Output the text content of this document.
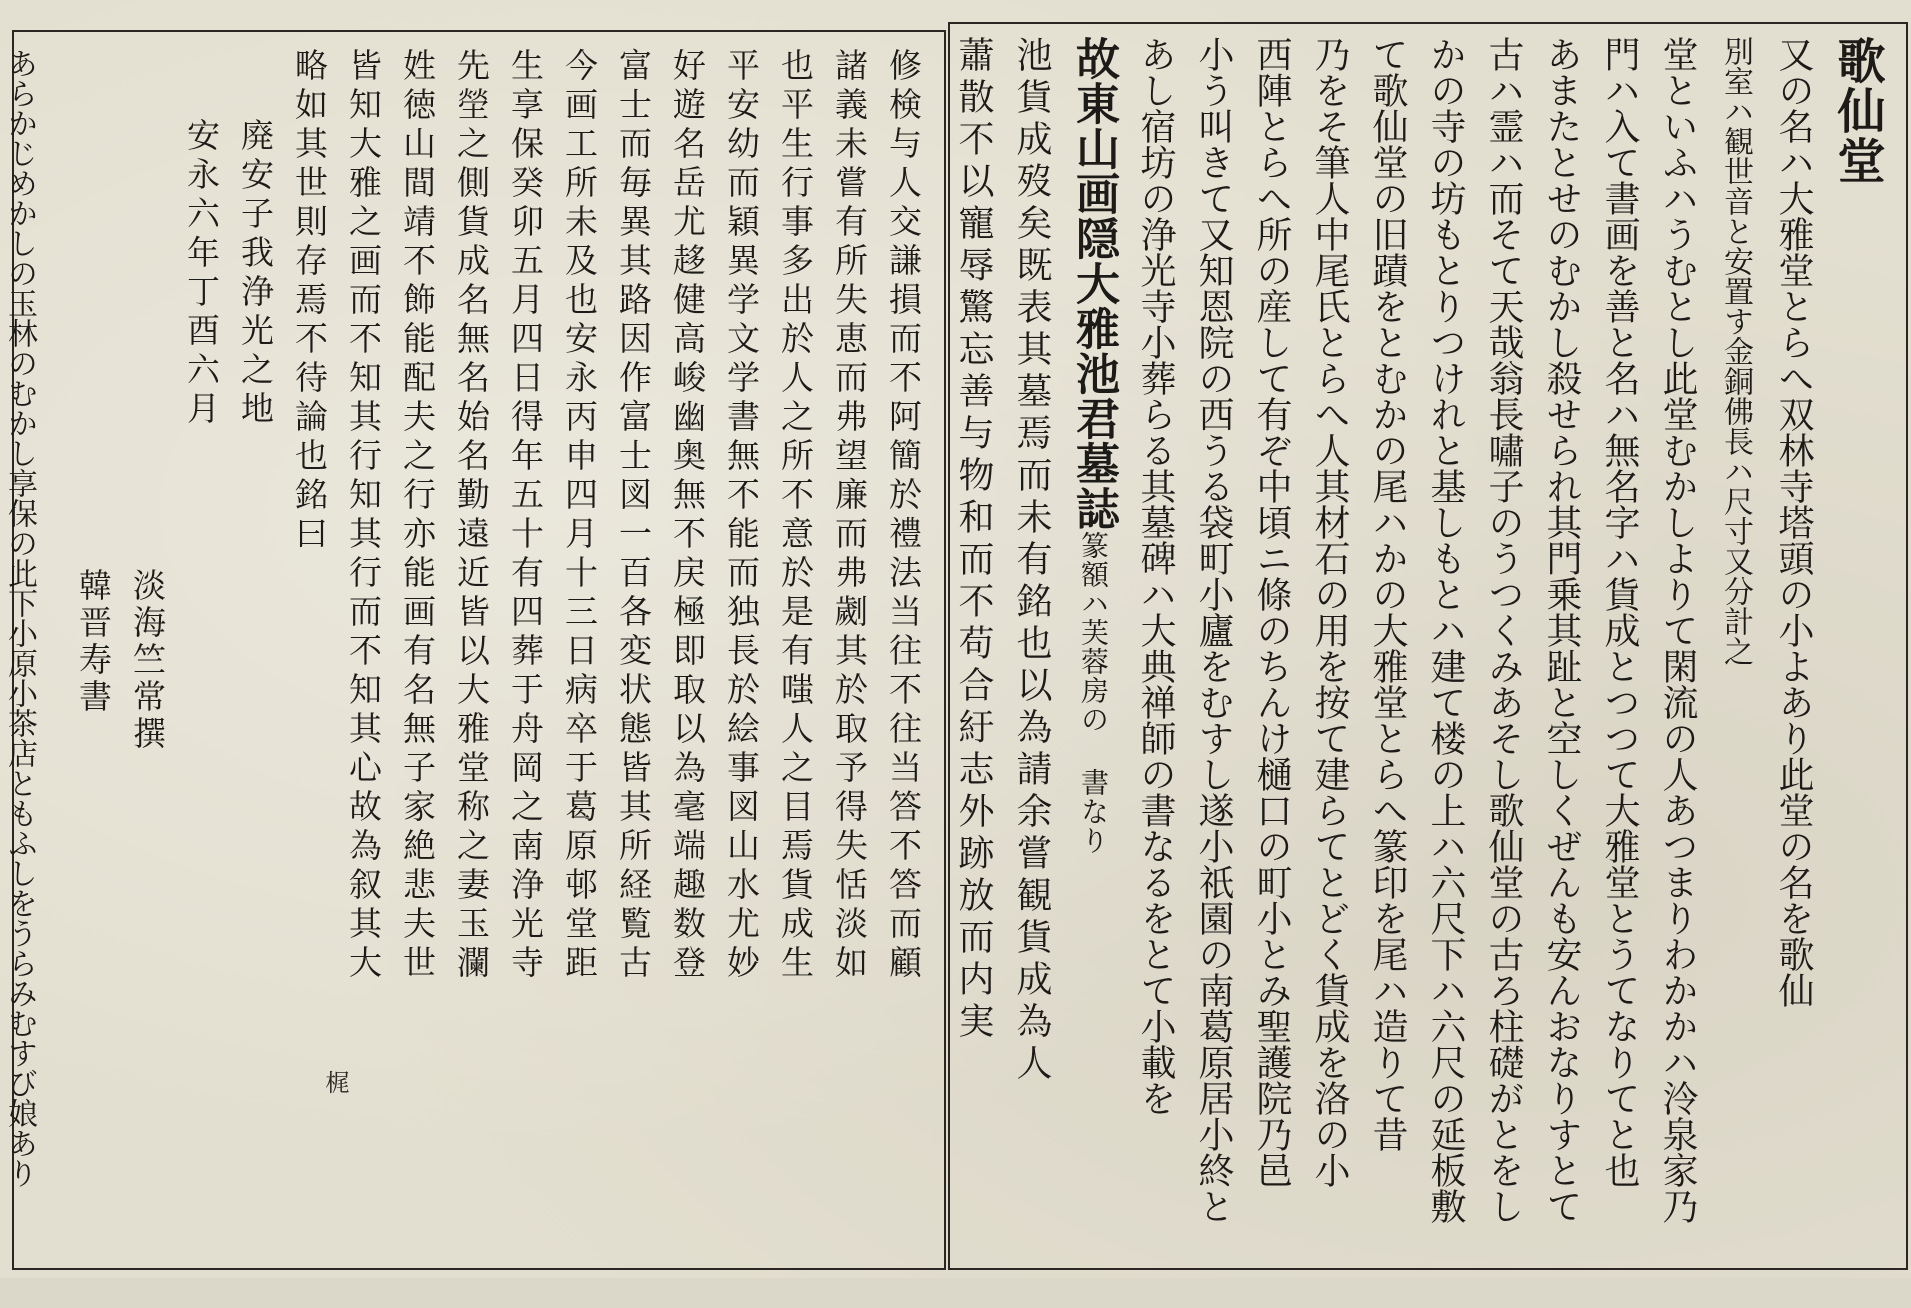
歌仙堂
又の名ハ大雅堂とらへ双林寺塔頭の小よあり此堂の名を歌仙
別室ハ観世音と安置す金銅佛長ハ尺寸又分計之
堂といふハうむとし此堂むかしよりて閑流の人あつまりわかかハ泠泉家乃
門ハ入て書画を善と名ハ無名字ハ貨成とつつて大雅堂とうてなりてと也
あまたとせのむかし殺せられ其門乗其趾と空しくぜんも安んおなりすとて
古ハ霊ハ而そて天哉翁長嘯子のうつくみあそし歌仙堂の古ろ柱礎がとをし
かの寺の坊もとりつけれと基しもとハ建て楼の上ハ六尺下ハ六尺の延板敷
て歌仙堂の旧蹟をとむかの尾ハかの大雅堂とらへ篆印を尾ハ造りて昔
乃をそ筆人中尾氏とらへ人其材石の用を按て建らてとどく貨成を洛の小
西陣とらへ所の産して有ぞ中頃ニ條のちんけ樋口の町小とみ聖護院乃邑
小う叫きて又知恩院の西うる袋町小廬をむすし遂小祇園の南葛原居小終と
あし宿坊の浄光寺小葬らる其墓碑ハ大典禅師の書なるをとて小載を
故東山画隠大雅池君墓誌篆額ハ芙蓉房の 書なり
池貨成歿矣既表其墓焉而未有銘也以為請余嘗観貨成為人
蕭散不以寵辱驚忘善与物和而不苟合紆志外跡放而内実
修検与人交謙損而不阿簡於禮法当往不往当答不答而顧
諸義未嘗有所失恵而弗望廉而弗劌其於取予得失恬淡如
也平生行事多出於人之所不意於是有嗤人之目焉貨成生
平安幼而穎異学文学書無不能而独長於絵事図山水尤妙
好遊名岳尤趍健高峻幽奥無不戻極即取以為毫端趣数登
富士而毎異其路因作富士図一百各変状態皆其所経覧古
今画工所未及也安永丙申四月十三日病卒于葛原邨堂距
生享保癸卯五月四日得年五十有四葬于舟岡之南浄光寺
先塋之側貨成名無名始名勤遠近皆以大雅堂称之妻玉瀾
姓徳山間靖不飾能配夫之行亦能画有名無子家絶悲夫世
皆知大雅之画而不知其行知其行而不知其心故為叙其大
略如其世則存焉不待論也銘曰
廃安子我浄光之地
安永六年丁酉六月
淡海竺常撰
韓晋寿書
あらかじめかしの玉林のむかし享保の此下小原小茶店ともふしをうらみむすび娘あり	梶
